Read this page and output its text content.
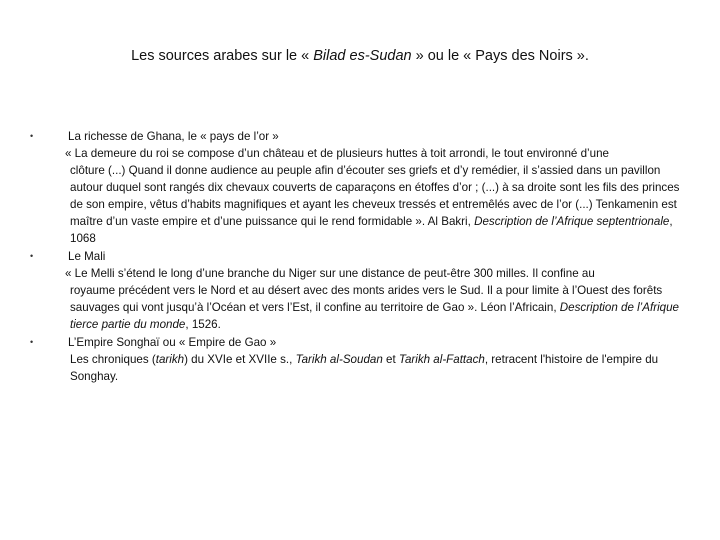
Les sources arabes sur le « Bilad es-Sudan » ou le « Pays des Noirs ».
•	La richesse de Ghana, le « pays de l’or »
« La demeure du roi se compose d’un château et de plusieurs huttes à toit arrondi, le tout environné d’une
clôture (...) Quand il donne audience au peuple afin d’écouter ses griefs et d’y remédier, il s’assied dans un pavillon autour duquel sont rangés dix chevaux couverts de caparaçons en étoffes d’or ; (...) à sa droite sont les fils des princes de son empire, vêtus d’habits magnifiques et ayant les cheveux tressés et entremêlés avec de l’or (...) Tenkamenin est maître d’un vaste empire et d’une puissance qui le rend formidable ». Al Bakri, Description de l’Afrique septentrionale, 1068
•	Le Mali
« Le Melli s’étend le long d’une branche du Niger sur une distance de peut-être 300 milles. Il confine au
royaume précédent vers le Nord et au désert avec des monts arides vers le Sud. Il a pour limite à l’Ouest des forêts sauvages qui vont jusqu’à l’Océan et vers l’Est, il confine au territoire de Gao ». Léon l’Africain, Description de l’Afrique tierce partie du monde, 1526.
•	L’Empire Songhaï ou « Empire de Gao »
Les chroniques (tarikh) du XVIe et XVIIe s., Tarikh al-Soudan et Tarikh al-Fattach, retracent l'histoire de l'empire du Songhay.
